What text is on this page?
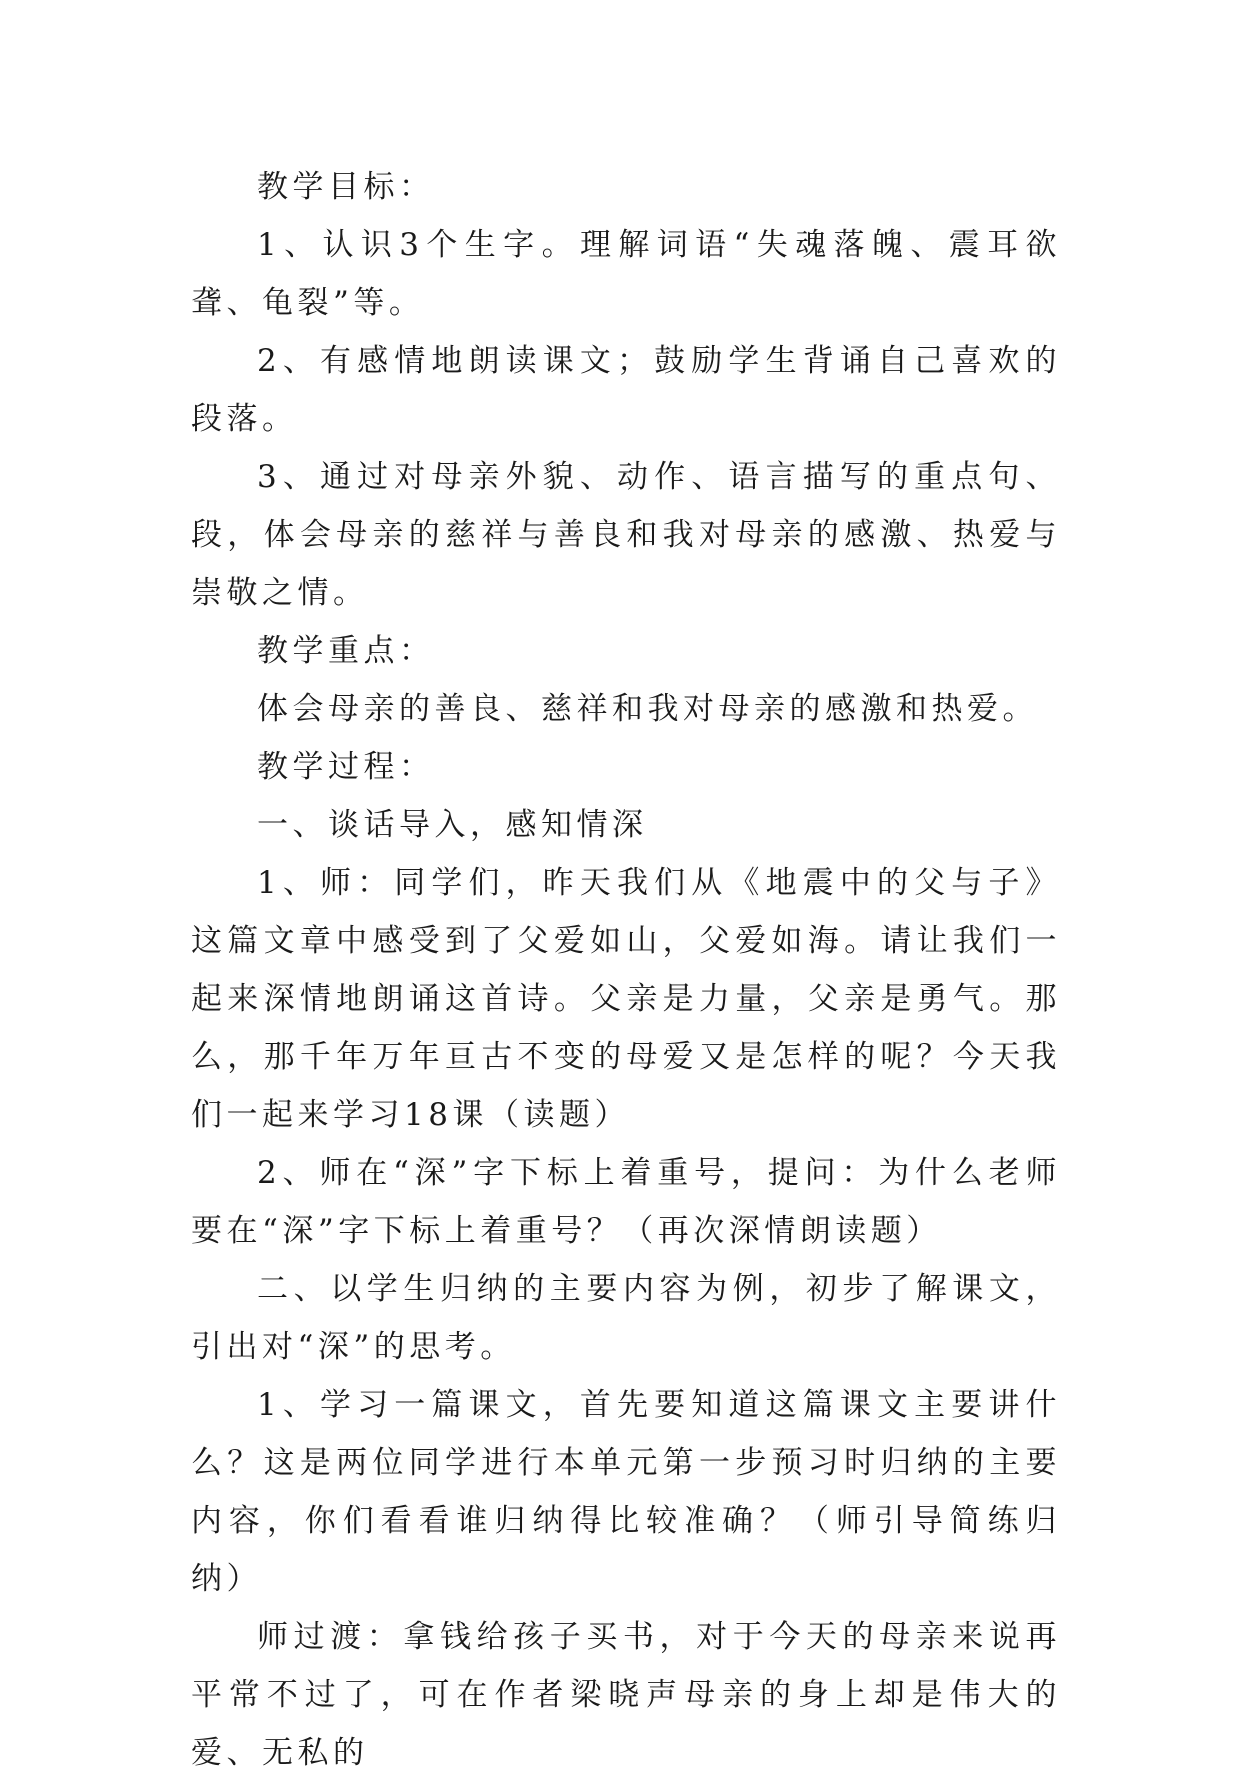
教学目标：

1、认识3个生字。理解词语“失魂落魄、震耳欲聋、龟裂”等。

2、有感情地朗读课文；鼓励学生背诵自己喜欢的段落。

3、通过对母亲外貌、动作、语言描写的重点句、段，体会母亲的慈祥与善良和我对母亲的感激、热爱与崇敬之情。

教学重点：

体会母亲的善良、慈祥和我对母亲的感激和热爱。

教学过程：

一、谈话导入，感知情深

1、师：同学们，昨天我们从《地震中的父与子》这篇文章中感受到了父爱如山，父爱如海。请让我们一起来深情地朗诵这首诗。父亲是力量，父亲是勇气。那么，那千年万年亘古不变的母爱又是怎样的呢？今天我们一起来学习18课（读题）

2、师在“深”字下标上着重号，提问：为什么老师要在“深”字下标上着重号？（再次深情朗读题）

二、以学生归纳的主要内容为例，初步了解课文，引出对“深”的思考。

1、学习一篇课文，首先要知道这篇课文主要讲什么？这是两位同学进行本单元第一步预习时归纳的主要内容，你们看看谁归纳得比较准确？（师引导简练归纳）

师过渡：拿钱给孩子买书，对于今天的母亲来说再平常不过了，可在作者梁晓声母亲的身上却是伟大的爱、无私的
